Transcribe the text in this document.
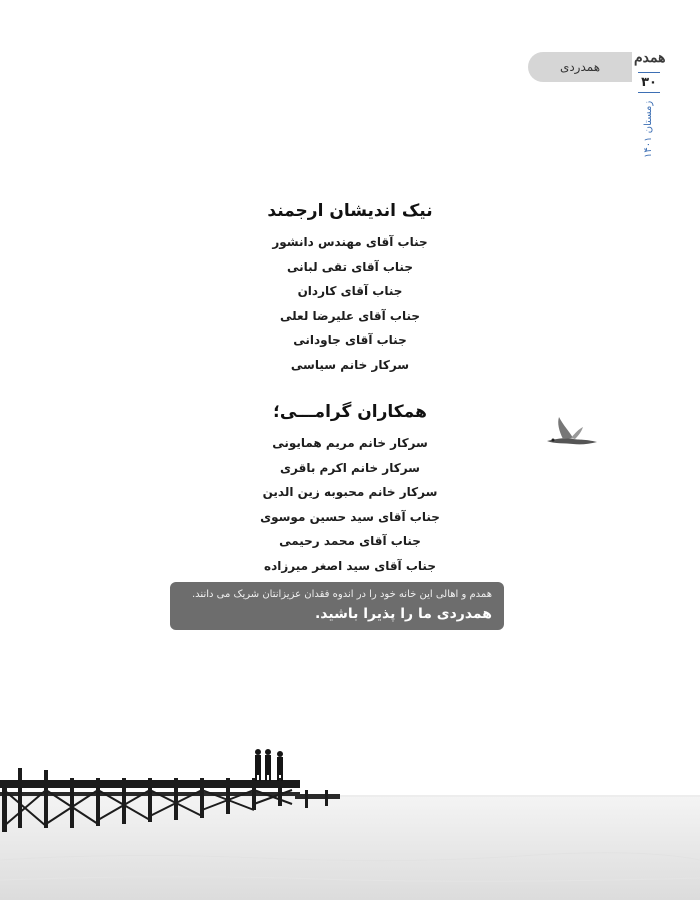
همدردی
همدم
۳۰
زمستان ۱۴۰۱
نیک اندیشان ارجمند
جناب آقای مهندس دانشور
جناب آقای تقی لبانی
جناب آقای کاردان
جناب آقای علیرضا لعلی
جناب آقای جاودانی
سرکار خانم سیاسی
همکاران گرامـــی؛
سرکار خانم مریم همایونی
سرکار خانم اکرم باقری
سرکار خانم محبوبه زین الدین
جناب آقای سید حسین موسوی
جناب آقای محمد رحیمی
جناب آقای سید اصغر میرزاده
همدم و اهالی این خانه خود را در اندوه فقدان عزیزانتان شریک می دانند.
همدردی ما را پذیرا باشید.
